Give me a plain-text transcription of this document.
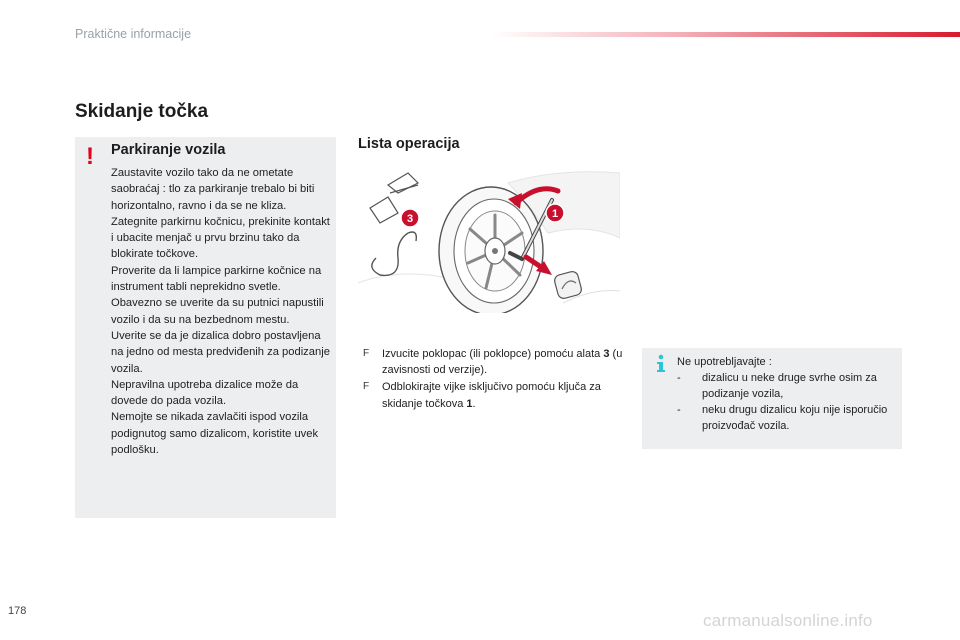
Praktične informacije
Skidanje točka
! Parkiranje vozila

Zaustavite vozilo tako da ne ometate saobraćaj : tlo za parkiranje trebalo bi biti horizontalno, ravno i da se ne kliza.

Zategnite parkirnu kočnicu, prekinite kontakt i ubacite menjač u prvu brzinu tako da blokirate točkove.

Proverite da li lampice parkirne kočnice na instrument tabli neprekidno svetle.

Obavezno se uverite da su putnici napustili vozilo i da su na bezbednom mestu.

Uverite se da je dizalica dobro postavljena na jedno od mesta predviđenih za podizanje vozila.

Nepravilna upotreba dizalice može da dovede do pada vozila.

Nemojte se nikada zavlačiti ispod vozila podignutog samo dizalicom, koristite uvek podlošku.

Lista operacija
1
3
F Izvucite poklopac (ili poklopce) pomoću alata 3 (u zavisnosti od verzije).
F Odblokirajte vijke isključivo pomoću ključa za skidanje točkova 1.
Ne upotrebljavajte :
- dizalicu u neke druge svrhe osim za podizanje vozila,
- neku drugu dizalicu koju nije isporučio proizvođač vozila.
178	carmanualsonline.info
